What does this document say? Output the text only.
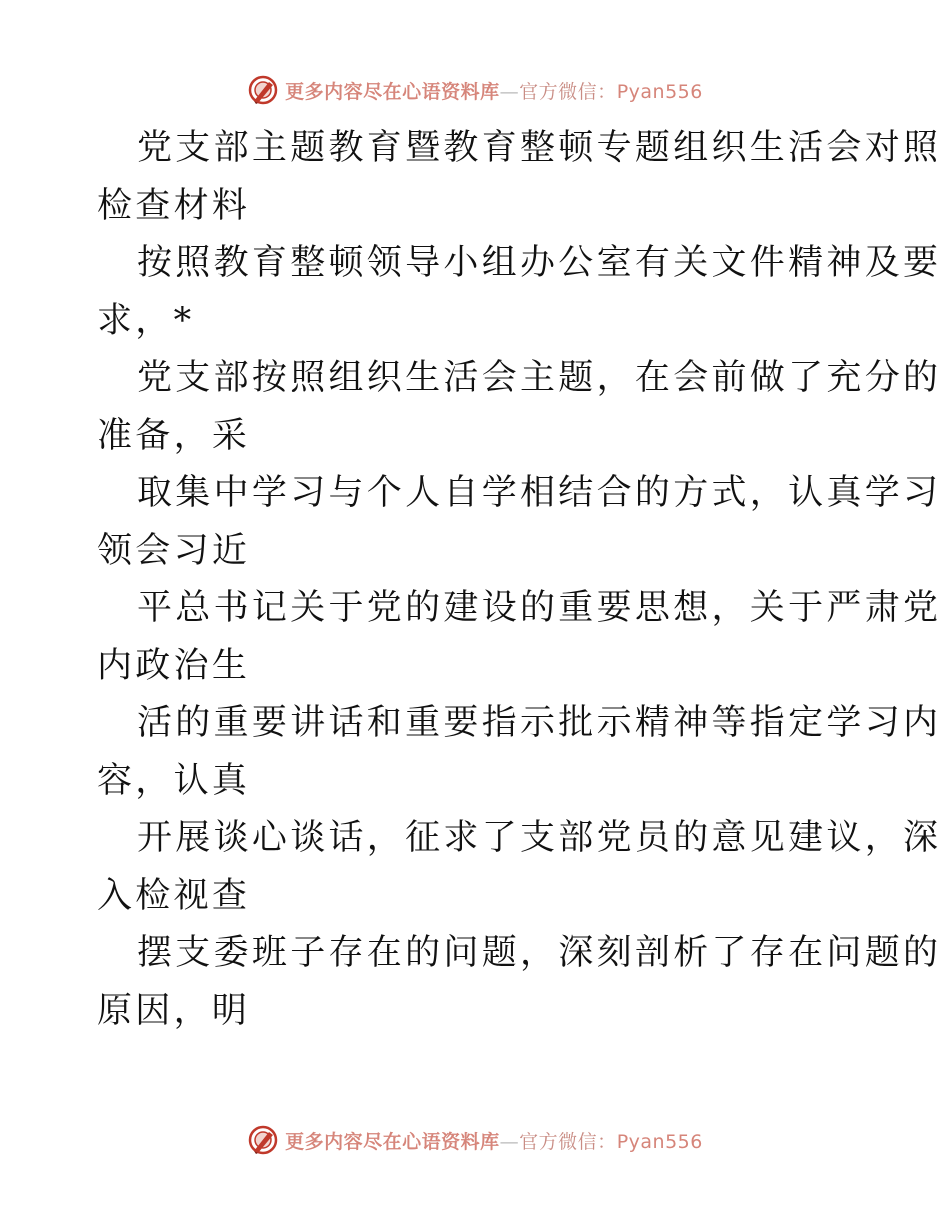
更多内容尽在心语资料库—官方微信：Pyan556

党支部主题教育暨教育整顿专题组织生活会对照
检查材料

按照教育整顿领导小组办公室有关文件精神及要
求，*

党支部按照组织生活会主题，在会前做了充分的
准备，采

取集中学习与个人自学相结合的方式，认真学习
领会习近

平总书记关于党的建设的重要思想，关于严肃党
内政治生

活的重要讲话和重要指示批示精神等指定学习内
容，认真

开展谈心谈话，征求了支部党员的意见建议，深
入检视查

摆支委班子存在的问题，深刻剖析了存在问题的
原因，明

更多内容尽在心语资料库—官方微信：Pyan556
